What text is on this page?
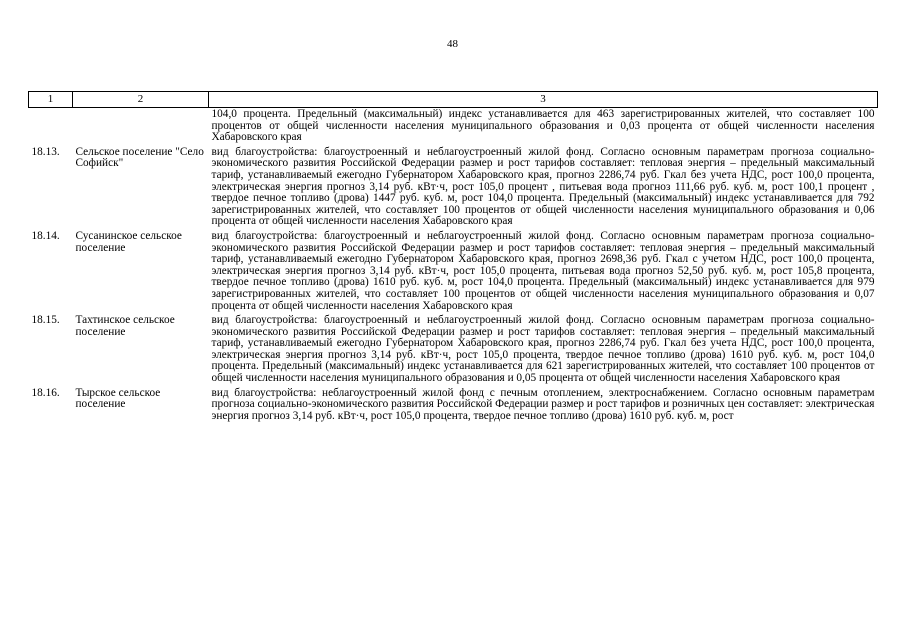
48
1	2	3
		104,0 процента. Предельный (максимальный) индекс устанавливается для 463 зарегистрированных жителей, что составляет 100 процентов от общей численности населения муниципального образования и 0,03 процента от общей численности населения Хабаровского края
18.13.	Сельское поселение "Село Софийск"	вид благоустройства: благоустроенный и неблагоустроенный жилой фонд. Согласно основным параметрам прогноза социально-экономического развития Российской Федерации размер и рост тарифов составляет: тепловая энергия – предельный максимальный тариф, устанавливаемый ежегодно Губернатором Хабаровского края, прогноз 2286,74 руб. Гкал без учета НДС, рост 100,0 процента, электрическая энергия прогноз 3,14 руб. кВт·ч, рост 105,0 процент , питьевая вода прогноз 111,66 руб. куб. м, рост 100,1 процент , твердое печное топливо (дрова) 1447 руб. куб. м, рост 104,0 процента. Предельный (максимальный) индекс устанавливается для 792 зарегистрированных жителей, что составляет 100 процентов от общей численности населения муниципального образования и 0,06 процента от общей численности населения Хабаровского края
18.14.	Сусанинское сельское поселение	вид благоустройства: благоустроенный и неблагоустроенный жилой фонд. Согласно основным параметрам прогноза социально-экономического развития Российской Федерации размер и рост тарифов составляет: тепловая энергия – предельный максимальный тариф, устанавливаемый ежегодно Губернатором Хабаровского края, прогноз 2698,36 руб. Гкал с учетом НДС, рост 100,0 процента, электрическая энергия прогноз 3,14 руб. кВт·ч, рост 105,0 процента, питьевая вода прогноз 52,50 руб. куб. м, рост 105,8 процента, твердое печное топливо (дрова) 1610 руб. куб. м, рост 104,0 процента. Предельный (максимальный) индекс устанавливается для 979 зарегистрированных жителей, что составляет 100 процентов от общей численности населения муниципального образования и 0,07 процента от общей численности населения Хабаровского края
18.15.	Тахтинское сельское поселение	вид благоустройства: благоустроенный и неблагоустроенный жилой фонд. Согласно основным параметрам прогноза социально-экономического развития Российской Федерации размер и рост тарифов составляет: тепловая энергия – предельный максимальный тариф, устанавливаемый ежегодно Губернатором Хабаровского края, прогноз 2286,74 руб. Гкал без учета НДС, рост 100,0 процента, электрическая энергия прогноз 3,14 руб. кВт·ч, рост 105,0 процента, твердое печное топливо (дрова) 1610 руб. куб. м, рост 104,0 процента. Предельный (максимальный) индекс устанавливается для 621 зарегистрированных жителей, что составляет 100 процентов от общей численности населения муниципального образования и 0,05 процента от общей численности населения Хабаровского края
18.16.	Тырское сельское поселение	вид благоустройства: неблагоустроенный жилой фонд с печным отоплением, электроснабжением. Согласно основным параметрам прогноза социально-экономического развития Российской Федерации размер и рост тарифов и розничных цен составляет: электрическая энергия прогноз 3,14 руб. кВт·ч, рост 105,0 процента, твердое печное топливо (дрова) 1610 руб. куб. м, рост
